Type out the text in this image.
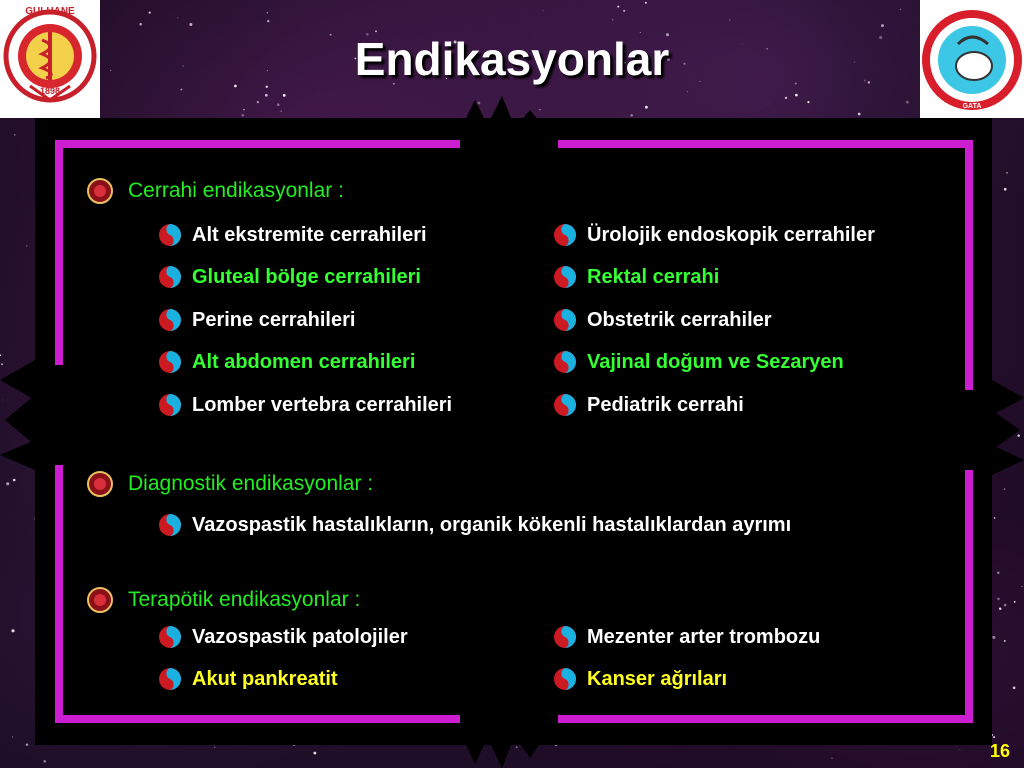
GULHANE
1898
GATA
Endikasyonlar
Cerrahi endikasyonlar :
Alt ekstremite cerrahileri
Gluteal bölge cerrahileri
Perine cerrahileri
Alt abdomen cerrahileri
Lomber vertebra cerrahileri
Ürolojik endoskopik cerrahiler
Rektal cerrahi
Obstetrik cerrahiler
Vajinal doğum ve Sezaryen
Pediatrik cerrahi
Diagnostik endikasyonlar :
Vazospastik hastalıkların, organik kökenli hastalıklardan ayrımı
Terapötik endikasyonlar :
Vazospastik patolojiler
Akut pankreatit
Mezenter arter trombozu
Kanser ağrıları
16
